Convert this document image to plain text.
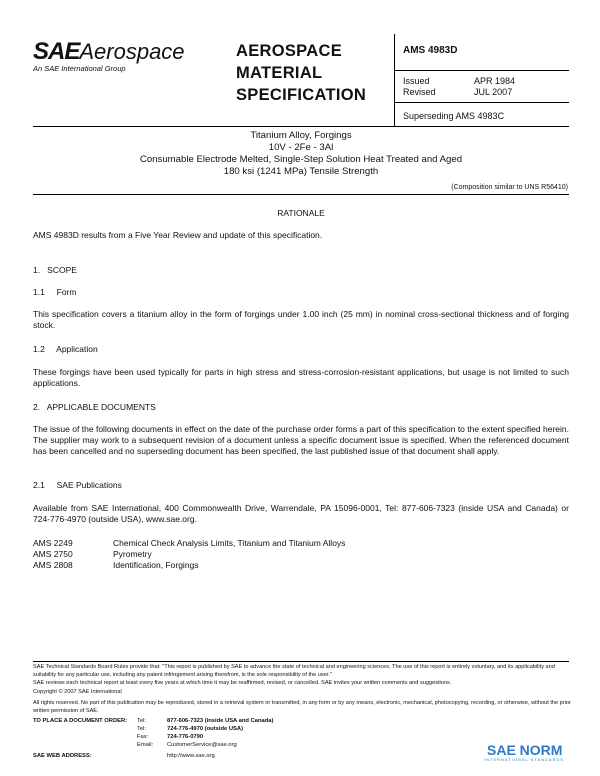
SAEAerospace
An SAE International Group
AEROSPACE
MATERIAL
SPECIFICATION
AMS 4983D
Issued	APR 1984
Revised	JUL 2007
Superseding AMS 4983C
Titanium Alloy, Forgings
10V - 2Fe - 3Al
Consumable Electrode Melted, Single-Step Solution Heat Treated and Aged
180 ksi (1241 MPa) Tensile Strength
(Composition similar to UNS R56410)
RATIONALE
AMS 4983D results from a Five Year Review and update of this specification.
1.   SCOPE
1.1     Form
This specification covers a titanium alloy in the form of forgings under 1.00 inch (25 mm) in nominal cross-sectional thickness and of forging stock.
1.2     Application
These forgings have been used typically for parts in high stress and stress-corrosion-resistant applications, but usage is not limited to such applications.
2.   APPLICABLE DOCUMENTS
The issue of the following documents in effect on the date of the purchase order forms a part of this specification to the extent specified herein. The supplier may work to a subsequent revision of a document unless a specific document issue is specified. When the referenced document has been cancelled and no superseding document has been specified, the last published issue of that document shall apply.
2.1     SAE Publications
Available from SAE International, 400 Commonwealth Drive, Warrendale, PA 15096-0001, Tel: 877-606-7323 (inside USA and Canada) or 724-776-4970 (outside USA), www.sae.org.
AMS 2249	Chemical Check Analysis Limits, Titanium and Titanium Alloys
AMS 2750	Pyrometry
AMS 2808	Identification, Forgings
SAE Technical Standards Board Rules provide that: "This report is published by SAE to advance the state of technical and engineering sciences. The use of this report is entirely voluntary, and its applicability and suitability for any particular use, including any patent infringement arising therefrom, is the sole responsibility of the user."
SAE reviews each technical report at least every five years at which time it may be reaffirmed, revised, or cancelled. SAE invites your written comments and suggestions.
Copyright © 2007 SAE International
All rights reserved. No part of this publication may be reproduced, stored in a retrieval system or transmitted, in any form or by any means, electronic, mechanical, photocopying, recording, or otherwise, without the prior written permission of SAE.
TO PLACE A DOCUMENT ORDER:	Tel:	877-606-7323 (inside USA and Canada)
Tel:	724-776-4970 (outside USA)
Fax:	724-776-0790
Email:	CustomerService@sae.org
SAE WEB ADDRESS:	http://www.sae.org	SAE NORM
INTERNATIONAL STANDARDS
